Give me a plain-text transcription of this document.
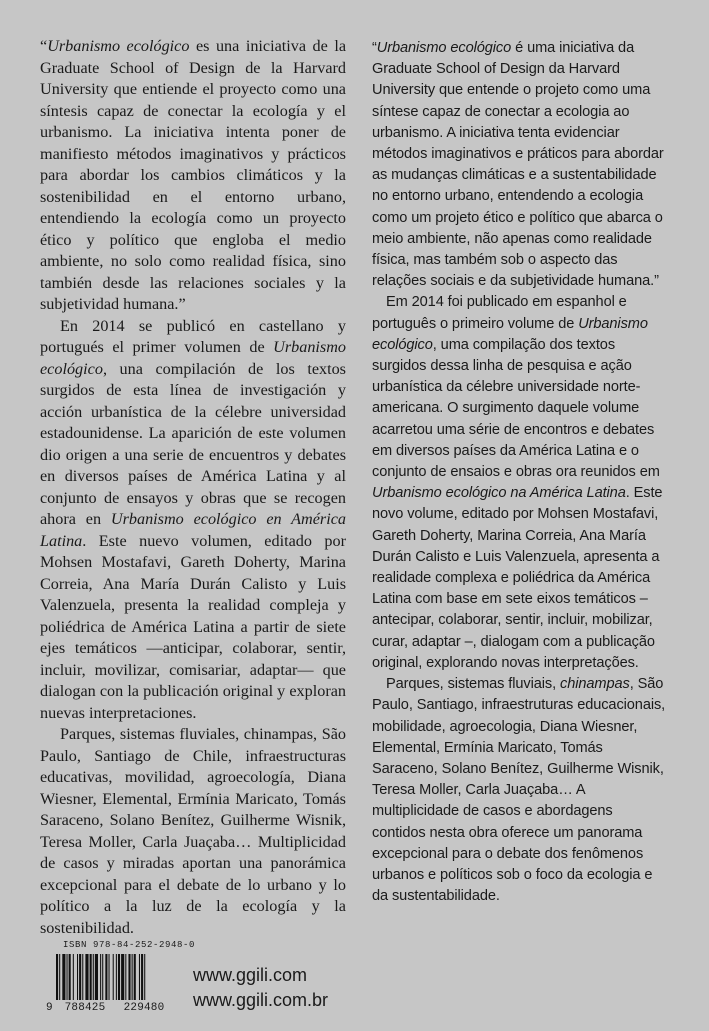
“Urbanismo ecológico es una iniciativa de la Graduate School of Design de la Harvard University que entiende el proyecto como una síntesis capaz de conectar la ecología y el urbanismo. La iniciativa intenta poner de manifiesto métodos imaginativos y prácticos para abordar los cambios climáticos y la sostenibilidad en el entorno urbano, entendiendo la ecología como un proyecto ético y político que engloba el medio ambiente, no solo como realidad física, sino también desde las relaciones sociales y la subjetividad humana.”

En 2014 se publicó en castellano y portugués el primer volumen de Urbanismo ecológico, una compilación de los textos surgidos de esta línea de investigación y acción urbanística de la célebre universidad estadounidense. La aparición de este volumen dio origen a una serie de encuentros y debates en diversos países de América Latina y al conjunto de ensayos y obras que se recogen ahora en Urbanismo ecológico en América Latina. Este nuevo volumen, editado por Mohsen Mostafavi, Gareth Doherty, Marina Correia, Ana María Durán Calisto y Luis Valenzuela, presenta la realidad compleja y poliédrica de América Latina a partir de siete ejes temáticos —anticipar, colaborar, sentir, incluir, movilizar, comisariar, adaptar— que dialogan con la publicación original y exploran nuevas interpretaciones.

Parques, sistemas fluviales, chinampas, São Paulo, Santiago de Chile, infraestructuras educativas, movilidad, agroecología, Diana Wiesner, Elemental, Ermínia Maricato, Tomás Saraceno, Solano Benítez, Guilherme Wisnik, Teresa Moller, Carla Juaçaba… Multiplicidad de casos y miradas aportan una panorámica excepcional para el debate de lo urbano y lo político a la luz de la ecología y la sostenibilidad.

“Urbanismo ecológico é uma iniciativa da Graduate School of Design da Harvard University que entende o projeto como uma síntese capaz de conectar a ecologia ao urbanismo. A iniciativa tenta evidenciar métodos imaginativos e práticos para abordar as mudanças climáticas e a sustentabilidade no entorno urbano, entendendo a ecologia como um projeto ético e político que abarca o meio ambiente, não apenas como realidade física, mas também sob o aspecto das relações sociais e da subjetividade humana.”

Em 2014 foi publicado em espanhol e português o primeiro volume de Urbanismo ecológico, uma compilação dos textos surgidos dessa linha de pesquisa e ação urbanística da célebre universidade norte-americana. O surgimento daquele volume acarretou uma série de encontros e debates em diversos países da América Latina e o conjunto de ensaios e obras ora reunidos em Urbanismo ecológico na América Latina. Este novo volume, editado por Mohsen Mostafavi, Gareth Doherty, Marina Correia, Ana María Durán Calisto e Luis Valenzuela, apresenta a realidade complexa e poliédrica da América Latina com base em sete eixos temáticos – antecipar, colaborar, sentir, incluir, mobilizar, curar, adaptar –, dialogam com a publicação original, explorando novas interpretações.

Parques, sistemas fluviais, chinampas, São Paulo, Santiago, infraestruturas educacionais, mobilidade, agroecologia, Diana Wiesner, Elemental, Ermínia Maricato, Tomás Saraceno, Solano Benítez, Guilherme Wisnik, Teresa Moller, Carla Juaçaba… A multiplicidade de casos e abordagens contidos nesta obra oferece um panorama excepcional para o debate dos fenômenos urbanos e políticos sob o foco da ecologia e da sustentabilidade.

ISBN 978-84-252-2948-0
9 788425 229480
www.ggili.com
www.ggili.com.br
